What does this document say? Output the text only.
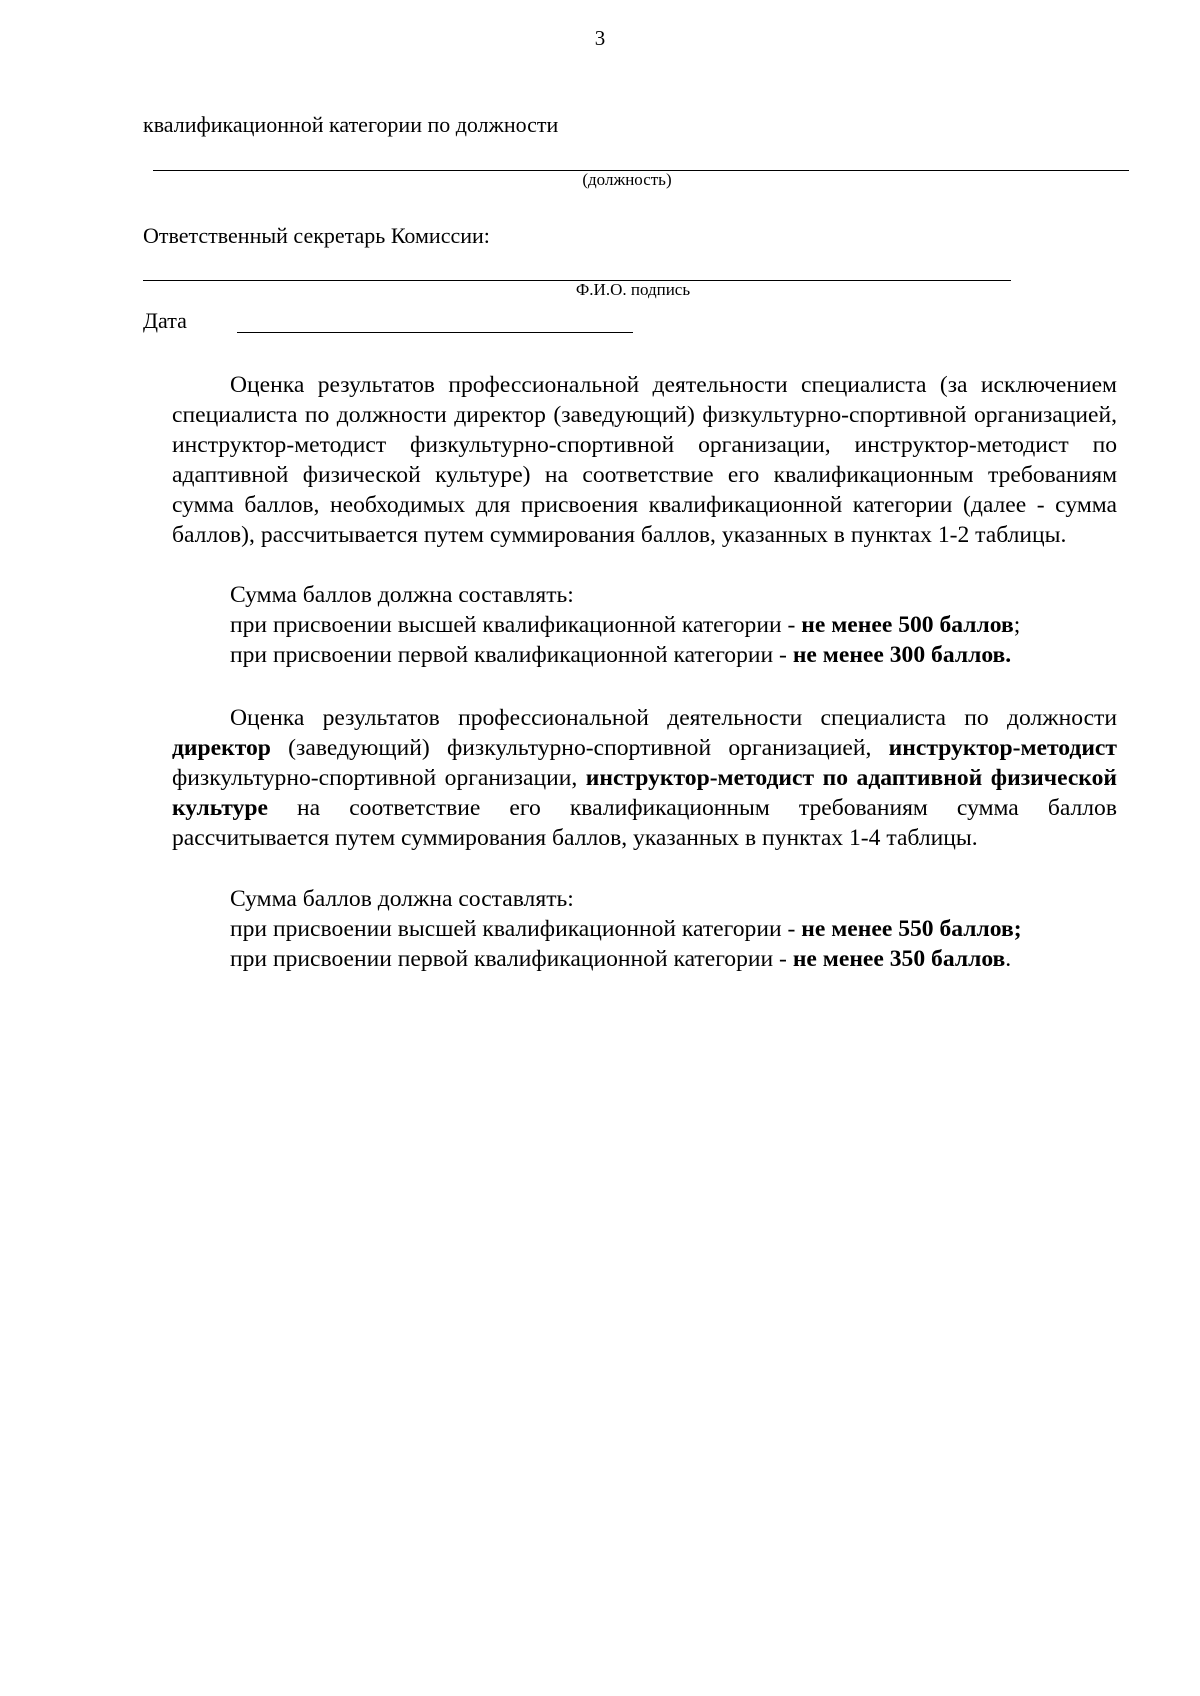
3
квалификационной категории по должности
(должность)
Ответственный секретарь Комиссии:
Ф.И.О. подпись
Дата

Оценка результатов профессиональной деятельности специалиста (за исключением специалиста по должности директор (заведующий) физкультурно-спортивной организацией, инструктор-методист физкультурно-спортивной организации, инструктор-методист по адаптивной физической культуре) на соответствие его квалификационным требованиям сумма баллов, необходимых для присвоения квалификационной категории (далее - сумма баллов), рассчитывается путем суммирования баллов, указанных в пунктах 1-2 таблицы.

Сумма баллов должна составлять:
при присвоении высшей квалификационной категории - не менее 500 баллов;
при присвоении первой квалификационной категории - не менее 300 баллов.

Оценка результатов профессиональной деятельности специалиста по должности директор (заведующий) физкультурно-спортивной организацией, инструктор-методист физкультурно-спортивной организации, инструктор-методист по адаптивной физической культуре на соответствие его квалификационным требованиям сумма баллов рассчитывается путем суммирования баллов, указанных в пунктах 1-4 таблицы.

Сумма баллов должна составлять:
при присвоении высшей квалификационной категории - не менее 550 баллов;
при присвоении первой квалификационной категории - не менее 350 баллов.
